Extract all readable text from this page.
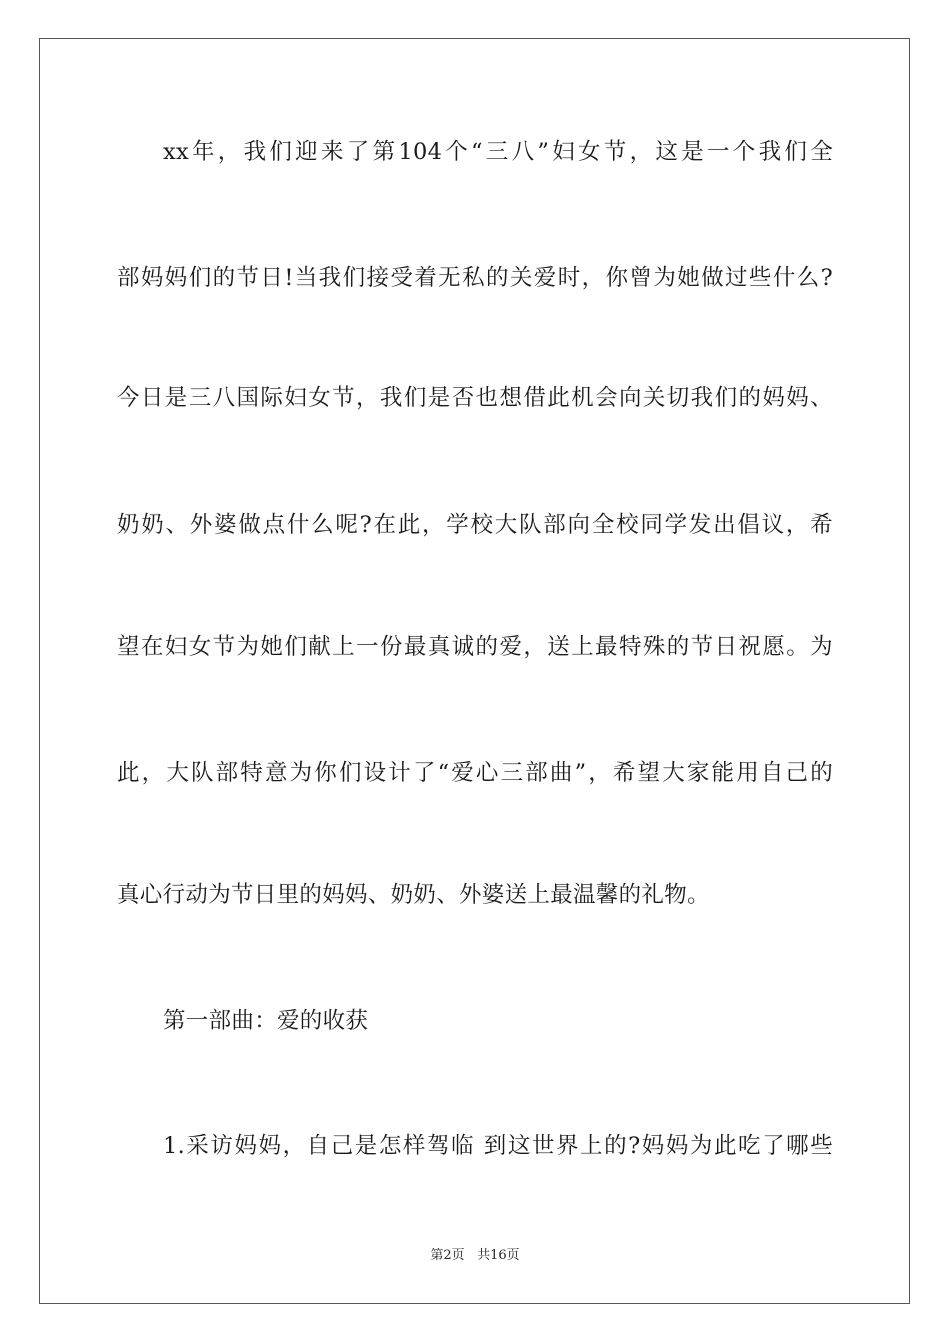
xx年，我们迎来了第104个“三八”妇女节，这是一个我们全
部妈妈们的节日!当我们接受着无私的关爱时，你曾为她做过些什么?
今日是三八国际妇女节，我们是否也想借此机会向关切我们的妈妈、
奶奶、外婆做点什么呢?在此，学校大队部向全校同学发出倡议，希
望在妇女节为她们献上一份最真诚的爱，送上最特殊的节日祝愿。为
此，大队部特意为你们设计了“爱心三部曲”，希望大家能用自己的
真心行动为节日里的妈妈、奶奶、外婆送上最温馨的礼物。
第一部曲：爱的收获
1.采访妈妈，自己是怎样驾临 到这世界上的?妈妈为此吃了哪些
第2页 共16页
